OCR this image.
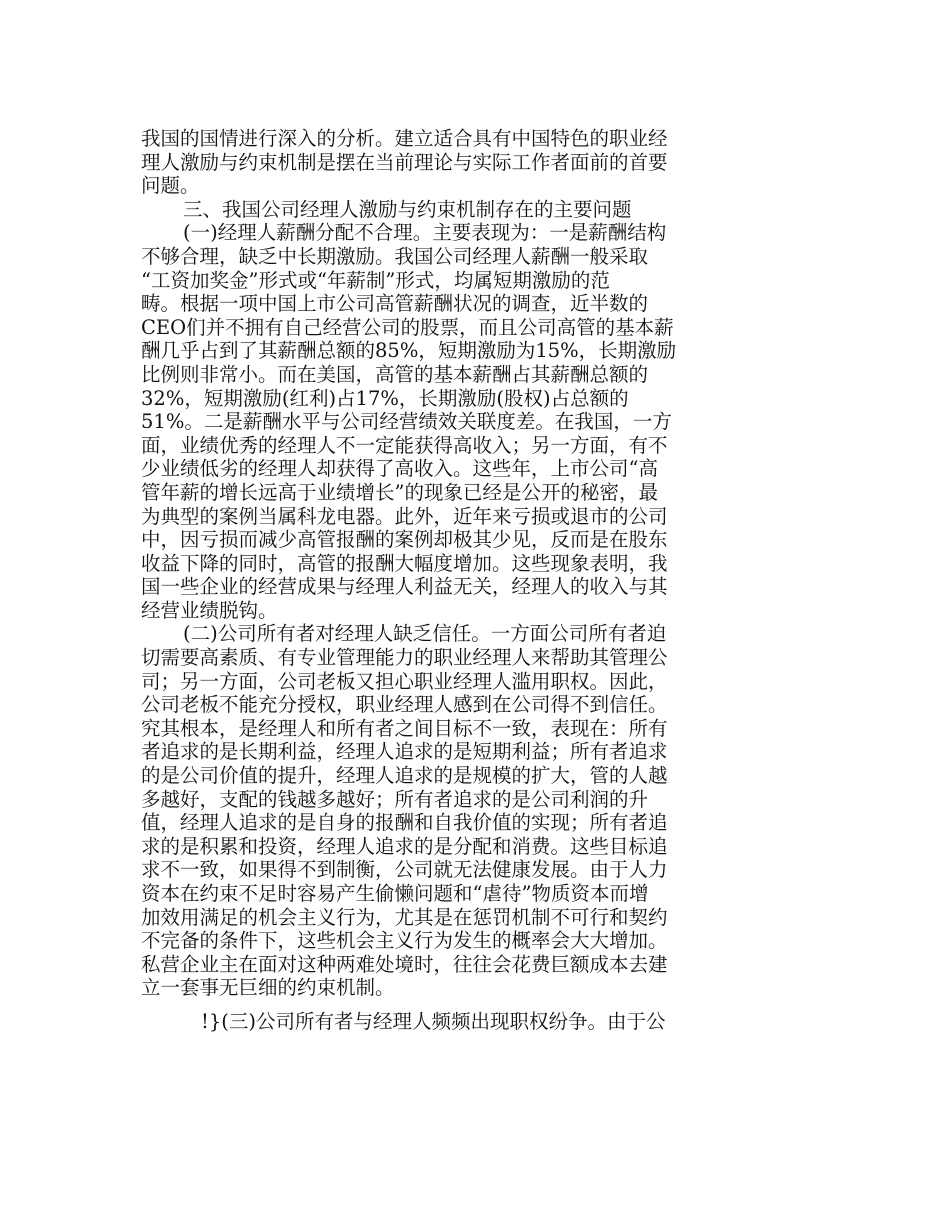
我国的国情进行深入的分析。建立适合具有中国特色的职业经
理人激励与约束机制是摆在当前理论与实际工作者面前的首要
问题。
三、我国公司经理人激励与约束机制存在的主要问题
(一)经理人薪酬分配不合理。主要表现为：一是薪酬结构
不够合理，缺乏中长期激励。我国公司经理人薪酬一般采取
“工资加奖金”形式或“年薪制”形式，均属短期激励的范
畴。根据一项中国上市公司高管薪酬状况的调查，近半数的
CEO们并不拥有自己经营公司的股票，而且公司高管的基本薪
酬几乎占到了其薪酬总额的85%，短期激励为15%，长期激励
比例则非常小。而在美国，高管的基本薪酬占其薪酬总额的
32%，短期激励(红利)占17%，长期激励(股权)占总额的
51%。二是薪酬水平与公司经营绩效关联度差。在我国，一方
面，业绩优秀的经理人不一定能获得高收入；另一方面，有不
少业绩低劣的经理人却获得了高收入。这些年，上市公司“高
管年薪的增长远高于业绩增长”的现象已经是公开的秘密，最
为典型的案例当属科龙电器。此外，近年来亏损或退市的公司
中，因亏损而减少高管报酬的案例却极其少见，反而是在股东
收益下降的同时，高管的报酬大幅度增加。这些现象表明，我
国一些企业的经营成果与经理人利益无关，经理人的收入与其
经营业绩脱钩。
(二)公司所有者对经理人缺乏信任。一方面公司所有者迫
切需要高素质、有专业管理能力的职业经理人来帮助其管理公
司；另一方面，公司老板又担心职业经理人滥用职权。因此，
公司老板不能充分授权，职业经理人感到在公司得不到信任。
究其根本，是经理人和所有者之间目标不一致，表现在：所有
者追求的是长期利益，经理人追求的是短期利益；所有者追求
的是公司价值的提升，经理人追求的是规模的扩大，管的人越
多越好，支配的钱越多越好；所有者追求的是公司利润的升
值，经理人追求的是自身的报酬和自我价值的实现；所有者追
求的是积累和投资，经理人追求的是分配和消费。这些目标追
求不一致，如果得不到制衡，公司就无法健康发展。由于人力
资本在约束不足时容易产生偷懒问题和“虐待”物质资本而增
加效用满足的机会主义行为，尤其是在惩罚机制不可行和契约
不完备的条件下，这些机会主义行为发生的概率会大大增加。
私营企业主在面对这种两难处境时，往往会花费巨额成本去建
立一套事无巨细的约束机制。
!}(三)公司所有者与经理人频频出现职权纷争。由于公
